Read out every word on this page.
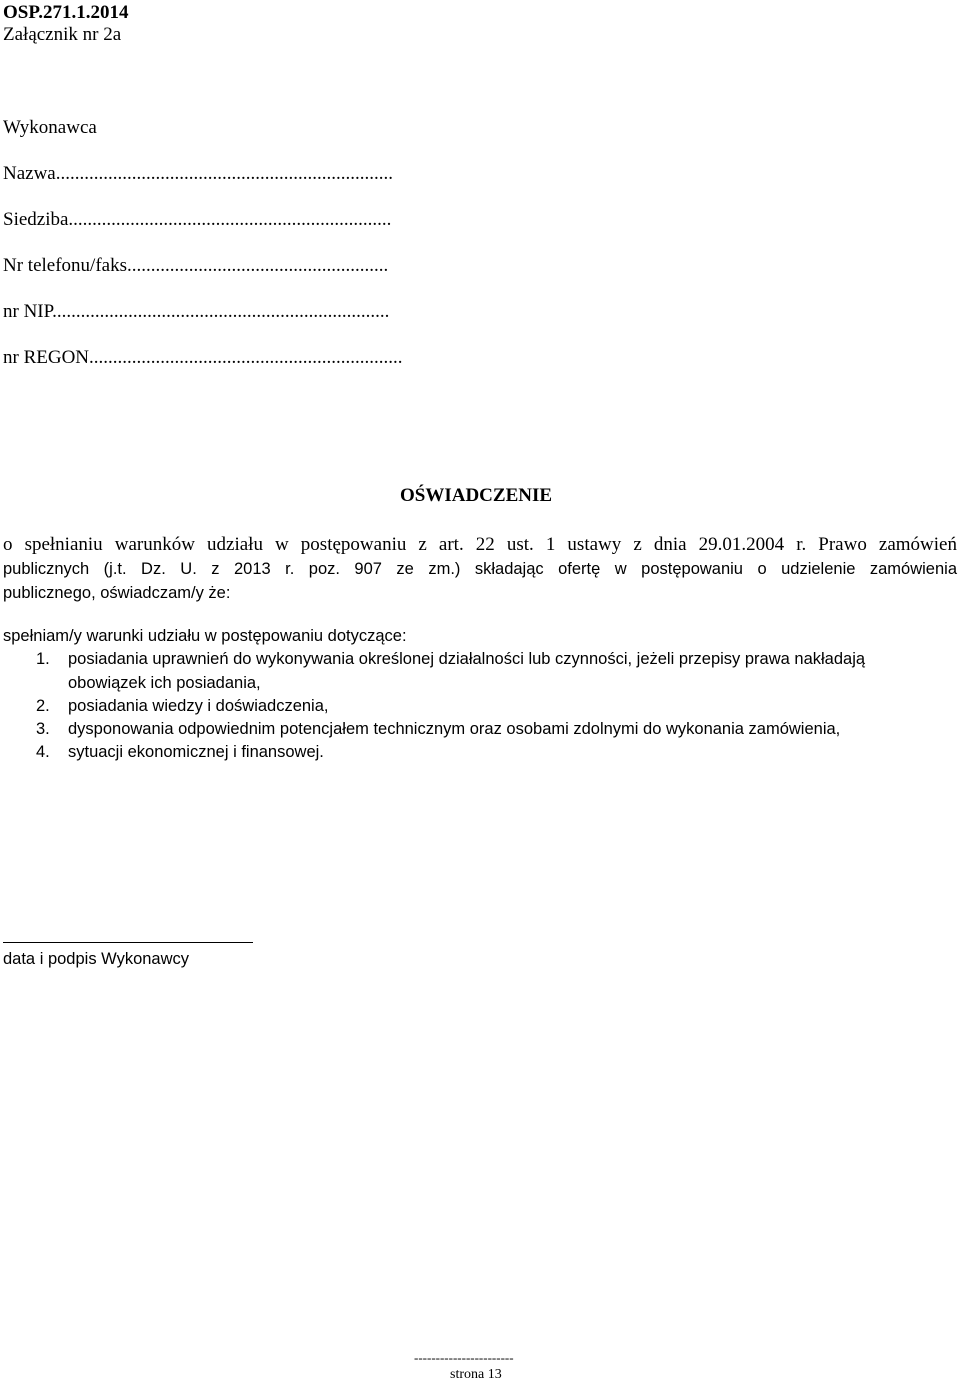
OSP.271.1.2014
Załącznik nr 2a
Wykonawca
Nazwa.......................................................................
Siedziba....................................................................
Nr telefonu/faks.......................................................
nr NIP.......................................................................
nr REGON..................................................................
OŚWIADCZENIE
o spełnianiu warunków udziału w postępowaniu z art. 22 ust. 1 ustawy z dnia 29.01.2004 r. Prawo zamówień
publicznych (j.t. Dz. U. z 2013 r. poz. 907 ze zm.) składając ofertę w postępowaniu o udzielenie zamówienia
publicznego, oświadczam/y że:
spełniam/y warunki udziału w postępowaniu dotyczące:
1. posiadania uprawnień do wykonywania określonej działalności lub czynności, jeżeli przepisy prawa nakładają
obowiązek ich posiadania,
2. posiadania wiedzy i doświadczenia,
3. dysponowania odpowiednim potencjałem technicznym oraz osobami zdolnymi do wykonania zamówienia,
4. sytuacji ekonomicznej i finansowej.
data i podpis Wykonawcy
-----------------------
strona 13
